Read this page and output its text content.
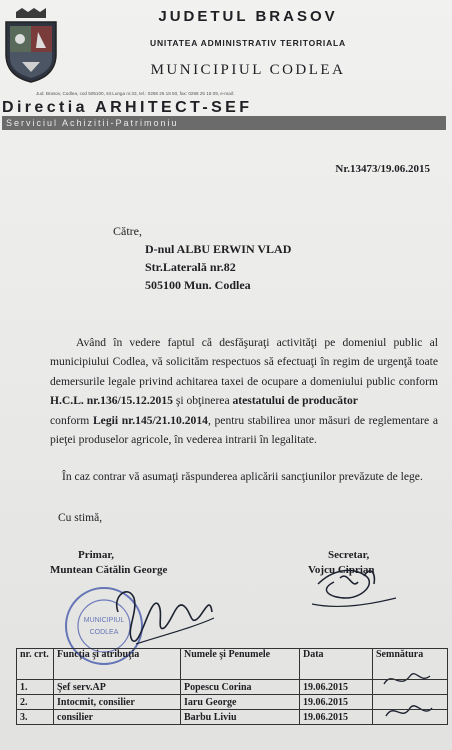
JUDETUL BRASOV
UNITATEA ADMINISTRATIV TERITORIALA
MUNICIPIUL CODLEA
Jud. Brasov, Codlea, cod 505100, str.Lunga nr.33, tel.: 0268 25 18 50, fax: 0268 25 18 09, e-mail:
Directia ARHITECT-SEF
Serviciul Achizitii-Patrimoniu
Nr.13473/19.06.2015
Către,
D-nul ALBU ERWIN VLAD
Str.Laterală nr.82
505100 Mun. Codlea
Având în vedere faptul că desfăşuraţi activităţi pe domeniul public al municipiului Codlea, vă solicităm respectuos să efectuaţi în regim de urgenţă toate demersurile legale privind achitarea taxei de ocupare a domeniului public conform H.C.L. nr.136/15.12.2015 şi obţinerea atestatului de producător
conform Legii nr.145/21.10.2014, pentru stabilirea unor măsuri de reglementare a pieţei produselor agricole, în vederea intrarii în legalitate.
În caz contrar vă asumaţi răspunderea aplicării sancţiunilor prevăzute de lege.
Cu stimă,
Primar,
Muntean Cătălin George
Secretar,
Vojcu Ciprian
MUNICIPIUL
CODLEA
nr. crt.	Funcţia şi atribuţia	Numele şi Penumele	Data	Semnătura
1.	Şef serv.AP	Popescu Corina	19.06.2015	
2.	Intocmit, consilier	Iaru George	19.06.2015	
3.	consilier	Barbu Liviu	19.06.2015	
